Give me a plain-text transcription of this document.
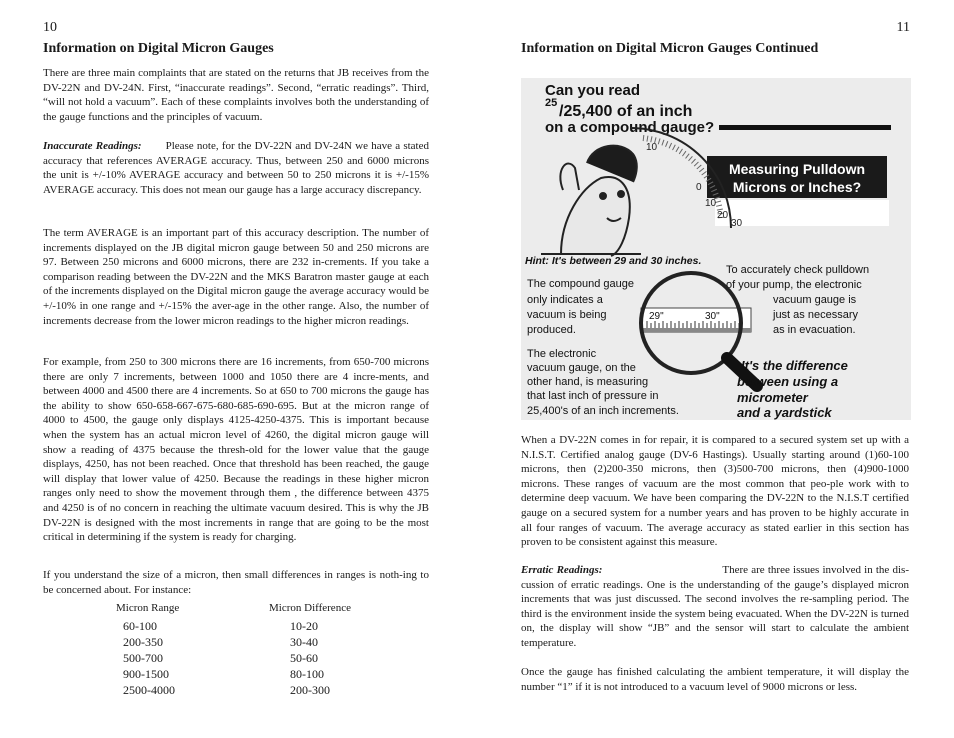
10
Information on Digital Micron Gauges

There are three main complaints that are stated on the returns that JB receives from the DV-22N and DV-24N. First, “inaccurate readings”. Second, “erratic readings”. Third, “will not hold a vacuum”. Each of these complaints involves both the understanding of the gauge functions and the principles of vacuum.

Inaccurate Readings: Please note, for the DV-22N and DV-24N we have a stated accuracy that references AVERAGE accuracy. Thus, between 250 and 6000 microns the unit is +/-10% AVERAGE accuracy and between 50 to 250 microns it is +/-15% AVERAGE accuracy. This does not mean our gauge has a large accuracy discrepancy.

The term AVERAGE is an important part of this accuracy description. The number of increments displayed on the JB digital micron gauge between 50 and 250 microns are 97. Between 250 microns and 6000 microns, there are 232 in-crements. If you take a comparison reading between the DV-22N and the MKS Baratron master gauge at each of the increments displayed on the Digital micron gauge the average accuracy would be +/-10% in one range and +/-15% the aver-age in the other range. Also, the number of increments decrease from the lower micron readings to the higher micron readings.

For example, from 250 to 300 microns there are 16 increments, from 650-700 microns there are only 7 increments, between 1000 and 1050 there are 4 incre-ments, and between 4000 and 4500 there are 4 increments. So at 650 to 700 microns the gauge has the ability to show 650-658-667-675-680-685-690-695. But at the micron range of 4000 to 4500, the gauge only displays 4125-4250-4375. This is important because when the system has an actual micron level of 4260, the digital micron gauge will show a reading of 4375 because the thresh-old for the lower value that the gauge displays, 4250, has not been reached. Once that threshold has been reached, the gauge will display that lower value of 4250. Because the readings in these higher micron ranges only need to show the movement through them , the difference between 4375 and 4250 is of no concern in reaching the ultimate vacuum desired. This is why the JB DV-22N is designed with the most increments in range that are going to be the most critical in determining if the system is ready for charging.

If you understand the size of a micron, then small differences in ranges is noth-ing to be concerned about. For instance:

Micron Range	Micron Difference
60-100	10-20
200-350	30-40
500-700	50-60
900-1500	80-100
2500-4000	200-300
11
Information on Digital Micron Gauges Continued
Can you read
25 /25,400 of an inch
on a compound gauge?
Measuring Pulldown
Microns or Inches?
10
0
10
20
30
Hint: It's between 29 and 30 inches.
The compound gauge only indicates a vacuum is being produced.
To accurately check pulldown of your pump, the electronic vacuum gauge is just as necessary as in evacuation.
29"	30"
The electronic vacuum gauge, on the other hand, is measuring that last inch of pressure in 25,400's of an inch increments.
It's the difference between using a micrometer and a yardstick

When a DV-22N comes in for repair, it is compared to a secured system set up with a N.I.S.T. Certified analog gauge (DV-6 Hastings). Usually starting around (1)60-100 microns, then (2)200-350 microns, then (3)500-700 microns, then (4)900-1000 microns. These ranges of vacuum are the most common that peo-ple work with to determine deep vacuum. We have been comparing the DV-22N to the N.I.S.T certified gauge on a secured system for a number years and has proven to be highly accurate in all four ranges of vacuum. The average accuracy as stated earlier in this section has proven to be consistent against this measure.

Erratic Readings:	There are three issues involved in the dis-cussion of erratic readings. One is the understanding of the gauge’s displayed micron increments that was just discussed. The second involves the re-sampling period. The third is the environment inside the system being evacuated. When the DV-22N is turned on, the display will show “JB” and the sensor will start to calculate the ambient temperature.

Once the gauge has finished calculating the ambient temperature, it will display the number “1” if it is not introduced to a vacuum level of 9000 microns or less.
